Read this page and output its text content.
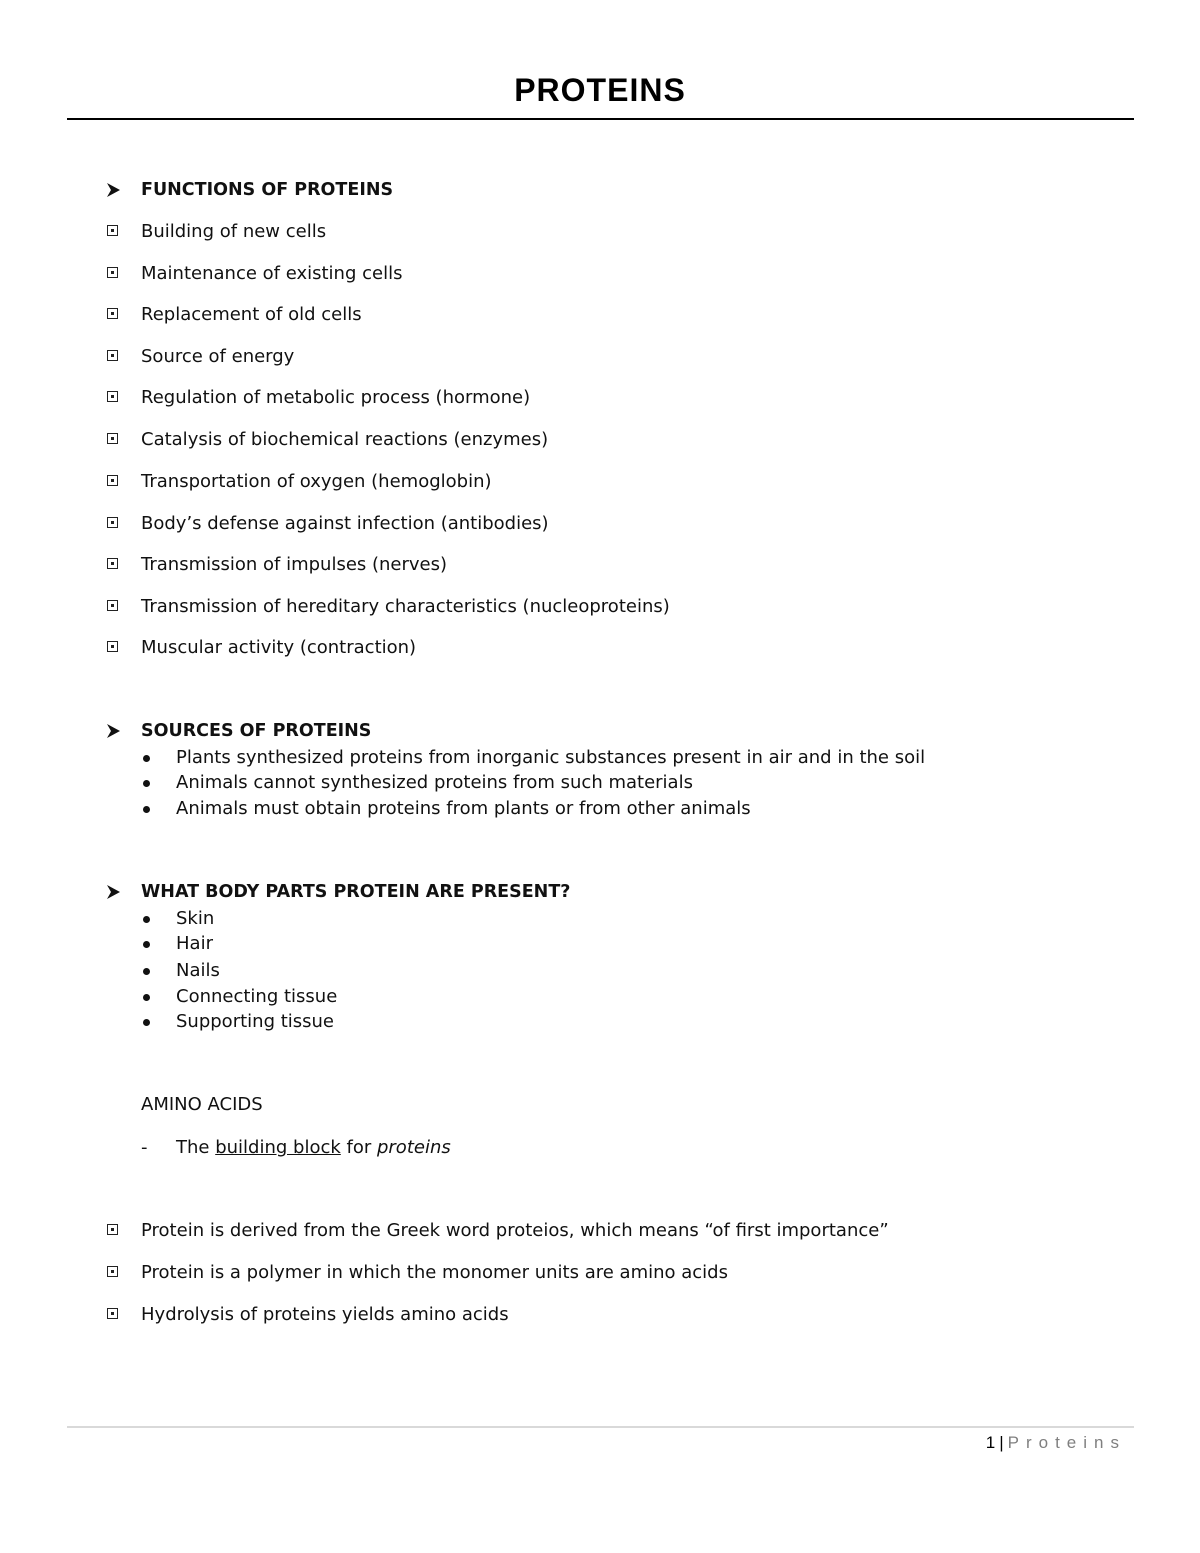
PROTEINS
FUNCTIONS OF PROTEINS
Building of new cells
Maintenance of existing cells
Replacement of old cells
Source of energy
Regulation of metabolic process (hormone)
Catalysis of biochemical reactions (enzymes)
Transportation of oxygen (hemoglobin)
Body’s defense against infection (antibodies)
Transmission of impulses (nerves)
Transmission of hereditary characteristics (nucleoproteins)
Muscular activity (contraction)
SOURCES OF PROTEINS
Plants synthesized proteins from inorganic substances present in air and in the soil
Animals cannot synthesized proteins from such materials
Animals must obtain proteins from plants or from other animals
WHAT BODY PARTS PROTEIN ARE PRESENT?
Skin
Hair
Nails
Connecting tissue
Supporting tissue
AMINO ACIDS
- The building block for proteins
Protein is derived from the Greek word proteios, which means “of first importance”
Protein is a polymer in which the monomer units are amino acids
Hydrolysis of proteins yields amino acids
1 | Proteins
